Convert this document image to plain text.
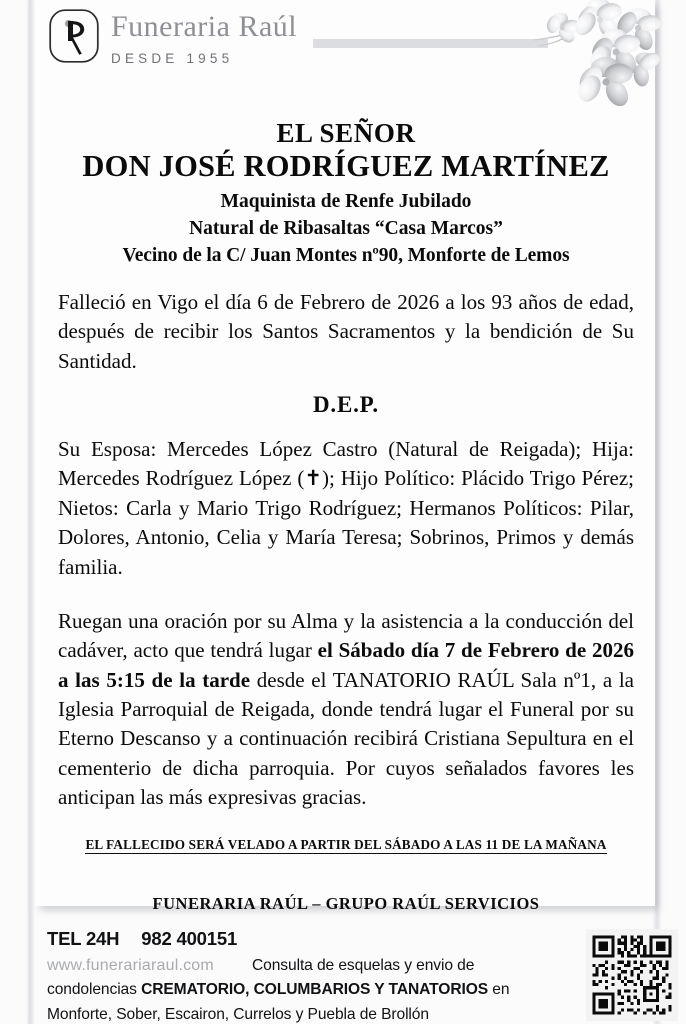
Funeraria Raúl
DESDE 1955
EL SEÑOR
DON JOSÉ RODRÍGUEZ MARTÍNEZ
Maquinista de Renfe Jubilado
Natural de Ribasaltas “Casa Marcos”
Vecino de la C/ Juan Montes nº90, Monforte de Lemos
Falleció en Vigo el día 6 de Febrero de 2026 a los 93 años de edad, después de recibir los Santos Sacramentos y la bendición de Su Santidad.
D.E.P.
Su Esposa: Mercedes López Castro (Natural de Reigada); Hija: Mercedes Rodríguez López (✝); Hijo Político: Plácido Trigo Pérez; Nietos: Carla y Mario Trigo Rodríguez; Hermanos Políticos: Pilar, Dolores, Antonio, Celia y María Teresa; Sobrinos, Primos y demás familia.
Ruegan una oración por su Alma y la asistencia a la conducción del cadáver, acto que tendrá lugar el Sábado día 7 de Febrero de 2026 a las 5:15 de la tarde desde el TANATORIO RAÚL Sala nº1, a la Iglesia Parroquial de Reigada, donde tendrá lugar el Funeral por su Eterno Descanso y a continuación recibirá Cristiana Sepultura en el cementerio de dicha parroquia. Por cuyos señalados favores les anticipan las más expresivas gracias.
EL FALLECIDO SERÁ VELADO A PARTIR DEL SÁBADO A LAS 11 DE LA MAÑANA
FUNERARIA RAÚL – GRUPO RAÚL SERVICIOS
TEL 24H 982 400151
www.funerariaraul.com	Consulta de esquelas y envio de
condolencias CREMATORIO, COLUMBARIOS Y TANATORIOS en
Monforte, Sober, Escairon, Currelos y Puebla de Brollón
